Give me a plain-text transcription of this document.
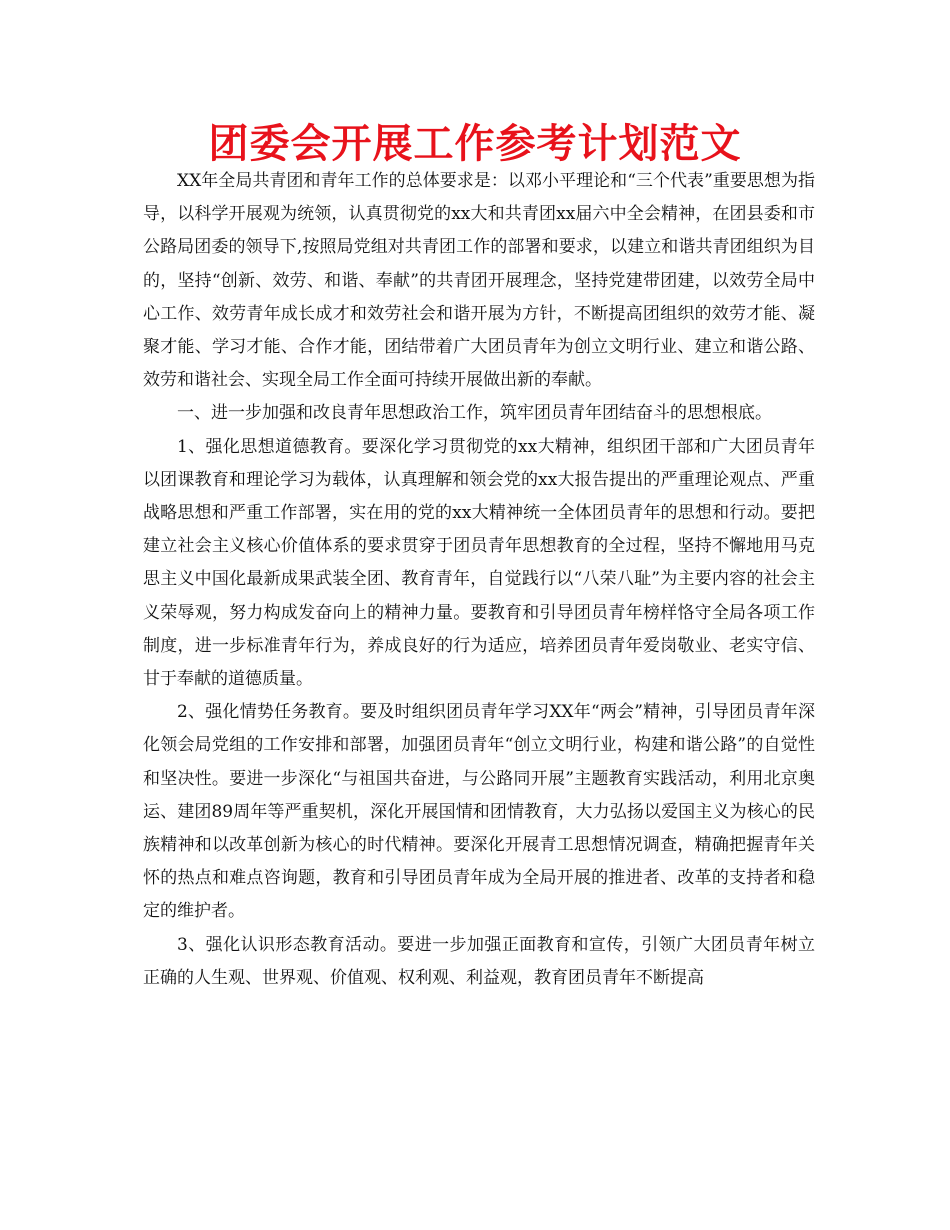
团委会开展工作参考计划范文

XX年全局共青团和青年工作的总体要求是：以邓小平理论和“三个代表”重要思想为指导，以科学开展观为统领，认真贯彻党的xx大和共青团xx届六中全会精神，在团县委和市公路局团委的领导下,按照局党组对共青团工作的部署和要求，以建立和谐共青团组织为目的，坚持“创新、效劳、和谐、奉献”的共青团开展理念，坚持党建带团建，以效劳全局中心工作、效劳青年成长成才和效劳社会和谐开展为方针，不断提高团组织的效劳才能、凝聚才能、学习才能、合作才能，团结带着广大团员青年为创立文明行业、建立和谐公路、效劳和谐社会、实现全局工作全面可持续开展做出新的奉献。

一、进一步加强和改良青年思想政治工作，筑牢团员青年团结奋斗的思想根底。

1、强化思想道德教育。要深化学习贯彻党的xx大精神，组织团干部和广大团员青年以团课教育和理论学习为载体，认真理解和领会党的xx大报告提出的严重理论观点、严重战略思想和严重工作部署，实在用的党的xx大精神统一全体团员青年的思想和行动。要把建立社会主义核心价值体系的要求贯穿于团员青年思想教育的全过程，坚持不懈地用马克思主义中国化最新成果武装全团、教育青年，自觉践行以“八荣八耻”为主要内容的社会主义荣辱观，努力构成发奋向上的精神力量。要教育和引导团员青年榜样恪守全局各项工作制度，进一步标准青年行为，养成良好的行为适应，培养团员青年爱岗敬业、老实守信、甘于奉献的道德质量。

2、强化情势任务教育。要及时组织团员青年学习XX年“两会”精神，引导团员青年深化领会局党组的工作安排和部署，加强团员青年“创立文明行业，构建和谐公路”的自觉性和坚决性。要进一步深化“与祖国共奋进，与公路同开展”主题教育实践活动，利用北京奥运、建团89周年等严重契机，深化开展国情和团情教育，大力弘扬以爱国主义为核心的民族精神和以改革创新为核心的时代精神。要深化开展青工思想情况调查，精确把握青年关怀的热点和难点咨询题，教育和引导团员青年成为全局开展的推进者、改革的支持者和稳定的维护者。

3、强化认识形态教育活动。要进一步加强正面教育和宣传，引领广大团员青年树立正确的人生观、世界观、价值观、权利观、利益观，教育团员青年不断提高
